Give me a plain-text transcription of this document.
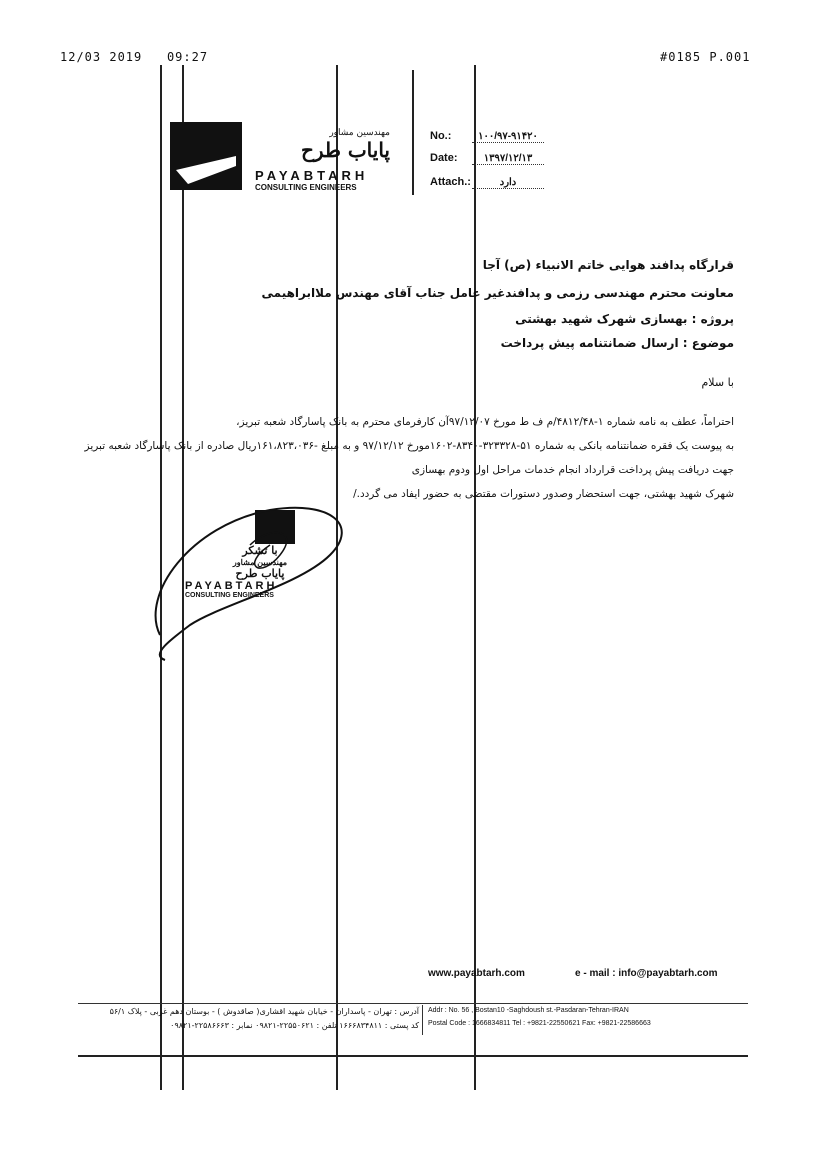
12/03 2019 09:27	#0185 P.001
مهندسین مشاور
پایاب طرح
PAYABTARH
CONSULTING ENGINEERS
No.:	۱۰۰/۹۷-۹۱۴۲۰
Date:	۱۳۹۷/۱۲/۱۳
Attach.:	دارد
قرارگاه پدافند هوایی خاتم الانبیاء (ص) آجا
معاونت محترم مهندسی رزمی و پدافندغیر عامل جناب آقای مهندس ملاابراهیمی
پروژه : بهسازی شهرک شهید بهشتی
موضوع : ارسال ضمانتنامه پیش پرداخت
با سلام
احتراماً، عطف به نامه شماره ۱-۴۸۱۲/۴۸/م ف ط مورخ ۹۷/۱۲/۰۷آن کارفرمای محترم به بانک پاسارگاد شعبه تبریز،
به پیوست یک فقره ضمانتنامه بانکی به شماره ۵۱-۳۲۳۳۲۸-۸۳۴۰-۱۶۰۲مورخ ۹۷/۱۲/۱۲ و به مبلغ -۱۶۱،۸۲۳،۰۳۶ریال صادره از بانک پاسارگاد شعبه تبریز جهت دریافت پیش پرداخت قرارداد انجام خدمات مراحل اول ودوم بهسازی
شهرک شهید بهشتی، جهت استحضار وصدور دستورات مقتضی به حضور ایفاد می گردد./
با تشکر
مهندسین مشاور
پایاب طرح
PAYABTARH
CONSULTING ENGINEERS
www.payabtarh.com	e - mail : info@payabtarh.com
Addr : No. 56 , Bostan10 -Saghdoush st.-Pasdaran-Tehran-IRAN
Postal Code : 1666834811 Tel : +9821-22550621 Fax: +9821-22586663
آدرس : تهران - پاسداران - خیابان شهید اقشاری( صاقدوش ) - بوستان دهم غربی - پلاک ۵۶/۱
کد پستی : ۱۶۶۶۸۳۴۸۱۱ تلفن : ۲۲۵۵۰۶۲۱-۰۹۸۲۱ نمابر : ۲۲۵۸۶۶۶۳-۰۹۸۲۱
